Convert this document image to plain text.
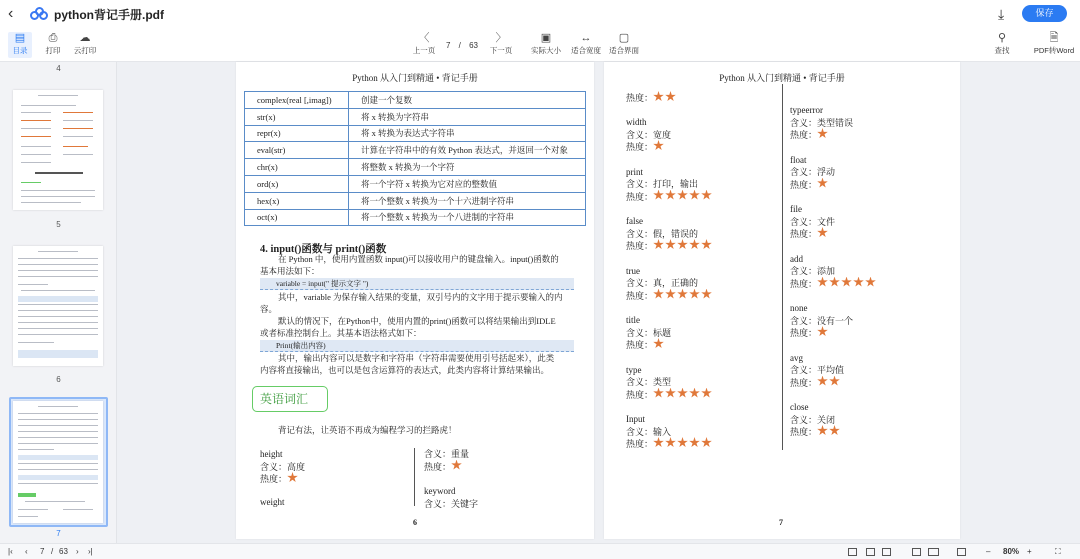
‹	python背记手册.pdf	⤓	保存
▤
目录
⎙
打印
☁
云打印
〈
上一页
7 / 63
〉
下一页
▣
实际大小
↔
适合宽度
▢
适合界面
⚲
查找
🗎
PDF转Word
4
5
6
7
Python 从入门到精通 • 背记手册
complex(real [,imag])	创建一个复数
str(x)	将 x 转换为字符串
repr(x)	将 x 转换为表达式字符串
eval(str)	计算在字符串中的有效 Python 表达式，并返回一个对象
chr(x)	将整数 x 转换为一个字符
ord(x)	将一个字符 x 转换为它对应的整数值
hex(x)	将一个整数 x 转换为一个十六进制字符串
oct(x)	将一个整数 x 转换为一个八进制的字符串
4. input()函数与 print()函数
在 Python 中，使用内置函数 input()可以接收用户的键盘输入。input()函数的
基本用法如下：
variable = input(" 提示文字 ")
其中，variable 为保存输入结果的变量，双引号内的文字用于提示要输入的内
容。
默认的情况下，在Python中，使用内置的print()函数可以将结果输出到IDLE
或者标准控制台上。其基本语法格式如下：
Print(输出内容)
其中，输出内容可以是数字和字符串（字符串需要使用引号括起来），此类
内容将直接输出，也可以是包含运算符的表达式，此类内容将计算结果输出。
英语词汇
背记有法，让英语不再成为编程学习的拦路虎！
height
含义：高度
热度：
weight
含义：重量
热度：
keyword
含义：关键字
6
Python 从入门到精通 • 背记手册
热度：
width
含义：宽度
热度：
print
含义：打印，输出
热度：
false
含义：假，错误的
热度：
true
含义：真，正确的
热度：
title
含义：标题
热度：
type
含义：类型
热度：
Input
含义：输入
热度：
typeerror
含义：类型错误
热度：
float
含义：浮动
热度：
file
含义：文件
热度：
add
含义：添加
热度：
none
含义：没有一个
热度：
avg
含义：平均值
热度：
close
含义：关闭
热度：
7
|‹ ‹ 7 / 63 › ›|	– 80% +	⛶
